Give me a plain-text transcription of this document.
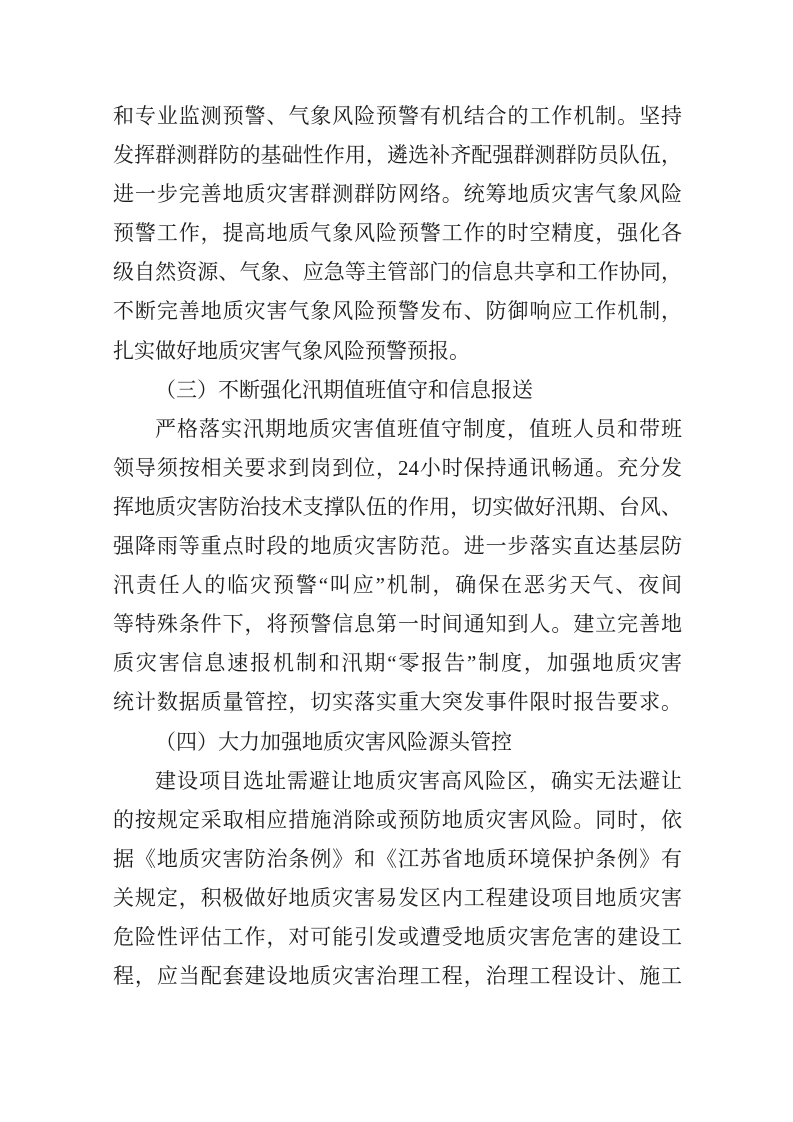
和专业监测预警、气象风险预警有机结合的工作机制。坚持
发挥群测群防的基础性作用，遴选补齐配强群测群防员队伍，
进一步完善地质灾害群测群防网络。统筹地质灾害气象风险
预警工作，提高地质气象风险预警工作的时空精度，强化各
级自然资源、气象、应急等主管部门的信息共享和工作协同，
不断完善地质灾害气象风险预警发布、防御响应工作机制，
扎实做好地质灾害气象风险预警预报。
（三）不断强化汛期值班值守和信息报送
严格落实汛期地质灾害值班值守制度，值班人员和带班
领导须按相关要求到岗到位，24小时保持通讯畅通。充分发
挥地质灾害防治技术支撑队伍的作用，切实做好汛期、台风、
强降雨等重点时段的地质灾害防范。进一步落实直达基层防
汛责任人的临灾预警“叫应”机制，确保在恶劣天气、夜间
等特殊条件下，将预警信息第一时间通知到人。建立完善地
质灾害信息速报机制和汛期“零报告”制度，加强地质灾害
统计数据质量管控，切实落实重大突发事件限时报告要求。
（四）大力加强地质灾害风险源头管控
建设项目选址需避让地质灾害高风险区，确实无法避让
的按规定采取相应措施消除或预防地质灾害风险。同时，依
据《地质灾害防治条例》和《江苏省地质环境保护条例》有
关规定，积极做好地质灾害易发区内工程建设项目地质灾害
危险性评估工作，对可能引发或遭受地质灾害危害的建设工
程，应当配套建设地质灾害治理工程，治理工程设计、施工
